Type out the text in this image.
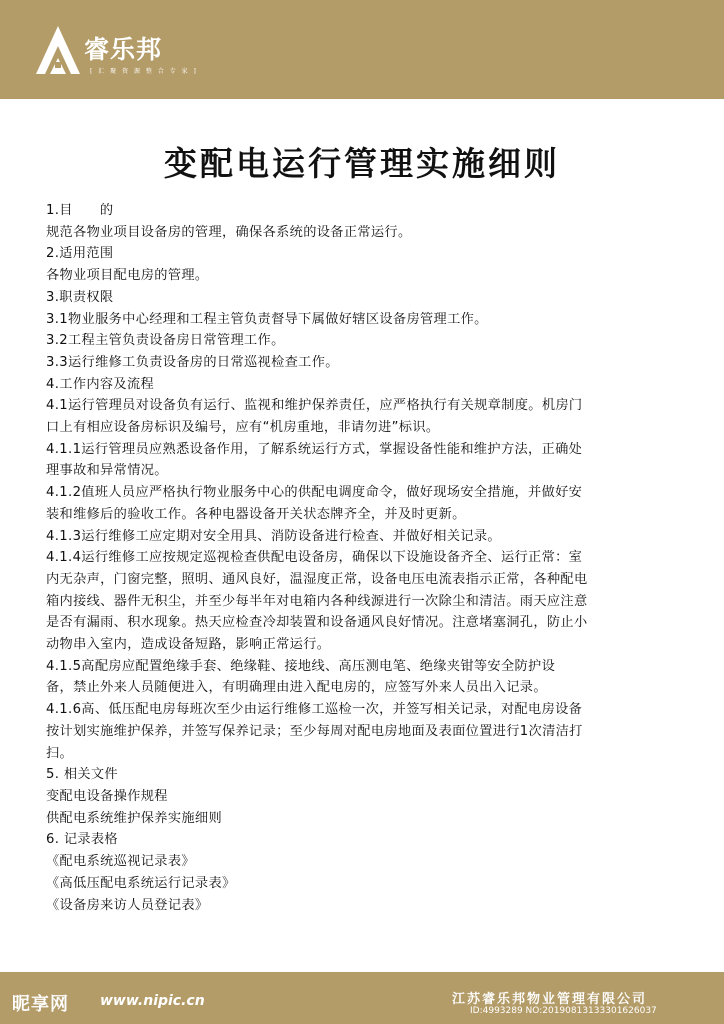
睿乐邦
[ 汇 聚 资 源 整 合 专 家 ]
变配电运行管理实施细则
1.目　　的
规范各物业项目设备房的管理，确保各系统的设备正常运行。
2.适用范围
各物业项目配电房的管理。
3.职责权限
3.1物业服务中心经理和工程主管负责督导下属做好辖区设备房管理工作。
3.2工程主管负责设备房日常管理工作。
3.3运行维修工负责设备房的日常巡视检查工作。
4.工作内容及流程
4.1运行管理员对设备负有运行、监视和维护保养责任，应严格执行有关规章制度。机房门
口上有相应设备房标识及编号，应有“机房重地，非请勿进”标识。
4.1.1运行管理员应熟悉设备作用，了解系统运行方式，掌握设备性能和维护方法，正确处
理事故和异常情况。
4.1.2值班人员应严格执行物业服务中心的供配电调度命令，做好现场安全措施，并做好安
装和维修后的验收工作。各种电器设备开关状态牌齐全，并及时更新。
4.1.3运行维修工应定期对安全用具、消防设备进行检查、并做好相关记录。
4.1.4运行维修工应按规定巡视检查供配电设备房，确保以下设施设备齐全、运行正常：室
内无杂声，门窗完整，照明、通风良好，温湿度正常，设备电压电流表指示正常，各种配电
箱内接线、器件无积尘，并至少每半年对电箱内各种线源进行一次除尘和清洁。雨天应注意
是否有漏雨、积水现象。热天应检查冷却装置和设备通风良好情况。注意堵塞洞孔，防止小
动物串入室内，造成设备短路，影响正常运行。
4.1.5高配房应配置绝缘手套、绝缘鞋、接地线、高压测电笔、绝缘夹钳等安全防护设
备，禁止外来人员随便进入，有明确理由进入配电房的，应签写外来人员出入记录。
4.1.6高、低压配电房每班次至少由运行维修工巡检一次，并签写相关记录，对配电房设备
按计划实施维护保养，并签写保养记录；至少每周对配电房地面及表面位置进行1次清洁打
扫。
5. 相关文件
变配电设备操作规程
供配电系统维护保养实施细则
6. 记录表格
《配电系统巡视记录表》
《高低压配电系统运行记录表》
《设备房来访人员登记表》
昵享网 www.nipic.cn	江苏睿乐邦物业管理有限公司
ID:4993289 NO:20190813133301626037
